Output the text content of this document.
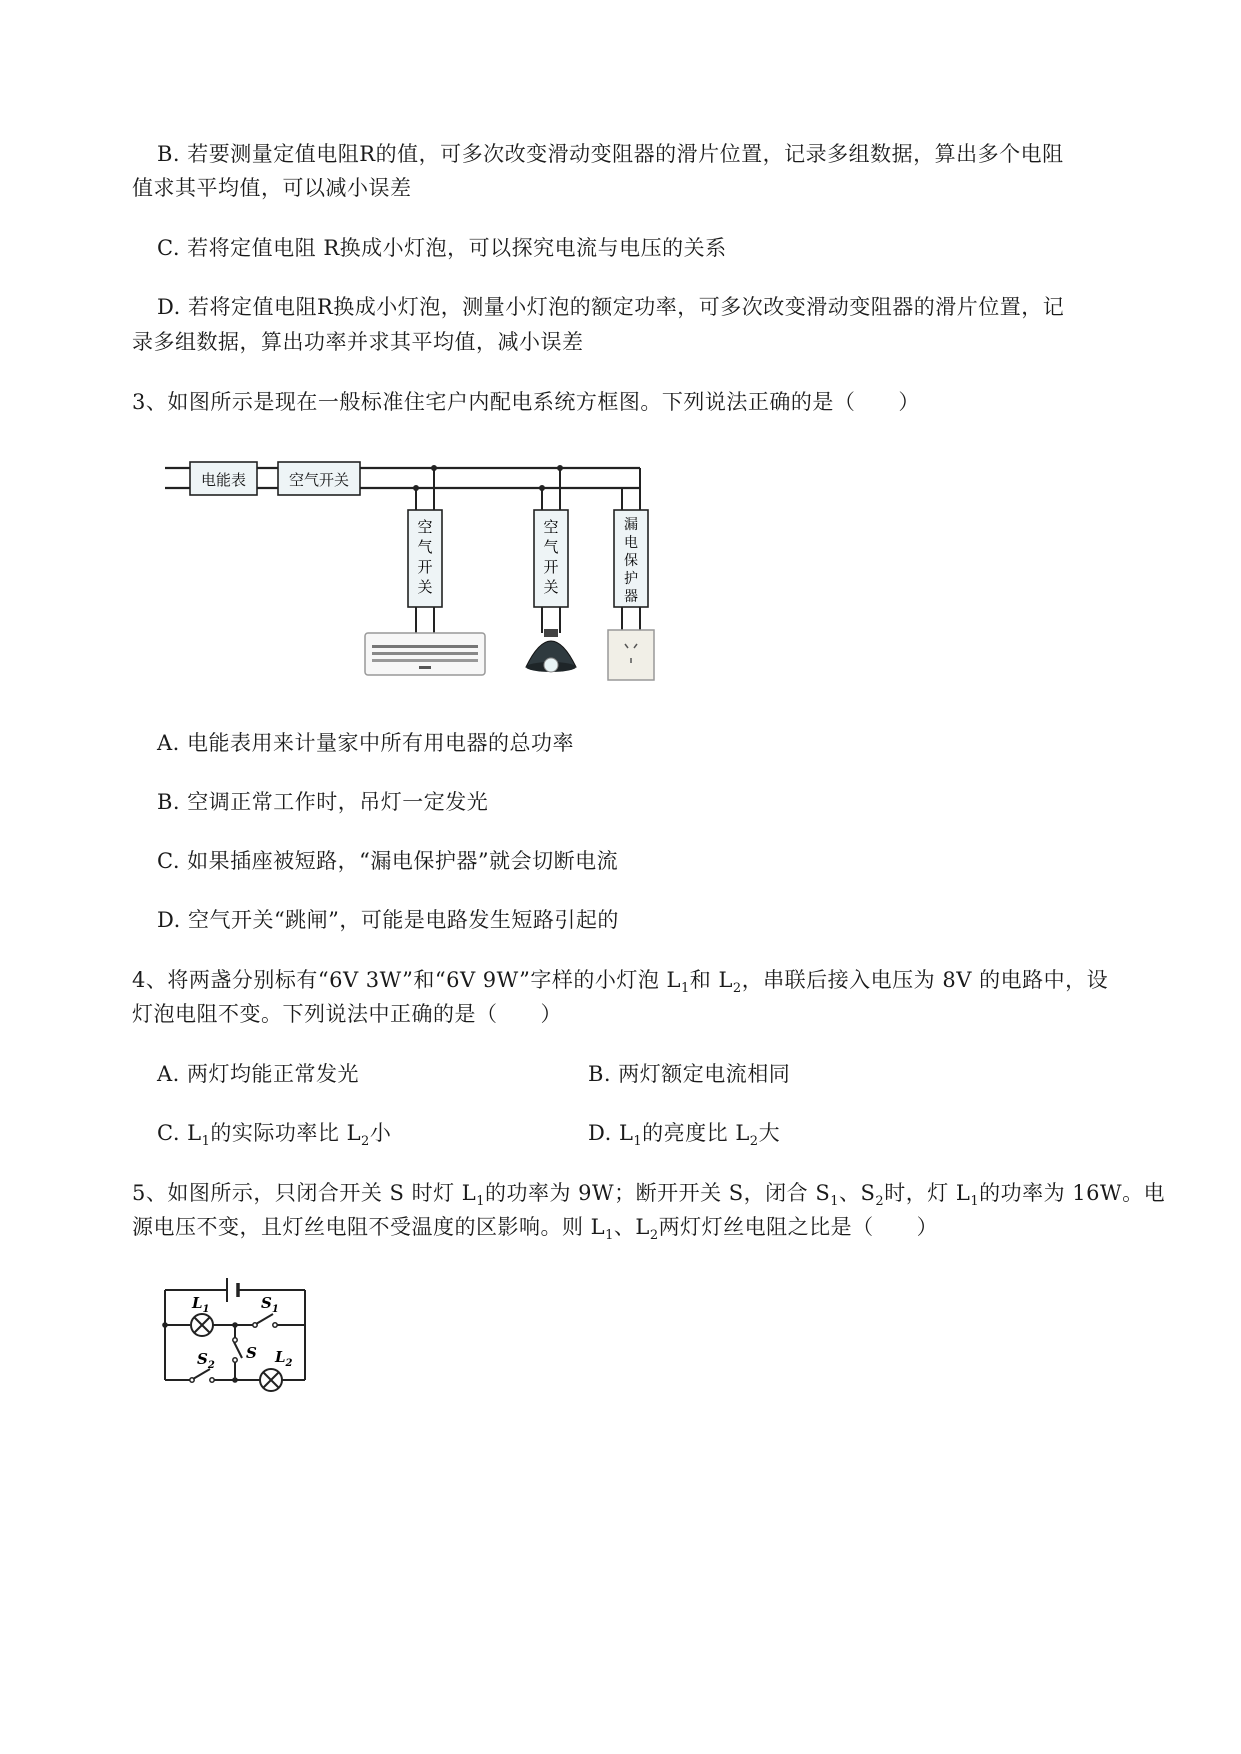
B. 若要测量定值电阻R的值，可多次改变滑动变阻器的滑片位置，记录多组数据，算出多个电阻
值求其平均值，可以减小误差
C. 若将定值电阻 R换成小灯泡，可以探究电流与电压的关系
D. 若将定值电阻R换成小灯泡，测量小灯泡的额定功率，可多次改变滑动变阻器的滑片位置，记
录多组数据，算出功率并求其平均值，减小误差
3、如图所示是现在一般标准住宅户内配电系统方框图。下列说法正确的是（　　）
电能表	空气开关
空
气
开
关
空
气
开
关
漏
电
保
护
器
A. 电能表用来计量家中所有用电器的总功率
B. 空调正常工作时，吊灯一定发光
C. 如果插座被短路，“漏电保护器”就会切断电流
D. 空气开关“跳闸”，可能是电路发生短路引起的
4、将两盏分别标有“6V 3W”和“6V 9W”字样的小灯泡 $L_1$和 $L_2$，串联后接入电压为 8V 的电路中，设
灯泡电阻不变。下列说法中正确的是（　　）
A. 两灯均能正常发光	B. 两灯额定电流相同
C. $L_1$的实际功率比 $L_2$小	D. $L_1$的亮度比 $L_2$大
5、如图所示，只闭合开关 S 时灯 $L_1$的功率为 9W；断开开关 S，闭合 $S_1$、$S_2$时，灯 $L_1$的功率为 16W。电
源电压不变，且灯丝电阻不受温度的区影响。则 $L_1$、$L_2$两灯灯丝电阻之比是（　　）
$L_1$	$S_1$
S
$S_2$	$L_2$
